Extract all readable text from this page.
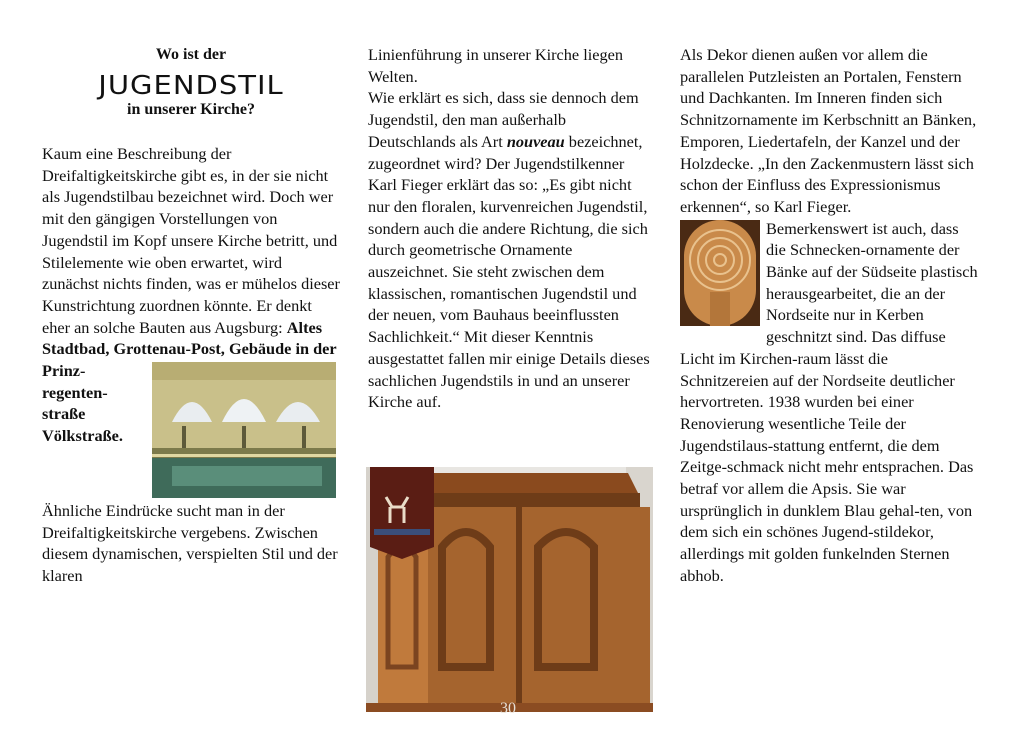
Wo ist der
JUGENDSTIL
in unserer Kirche?

Kaum eine Beschreibung der Dreifaltigkeitskirche gibt es, in der sie nicht als Jugendstilbau bezeichnet wird. Doch wer mit den gängigen Vorstellungen von Jugendstil im Kopf unsere Kirche betritt, und Stilelemente wie oben erwartet, wird zunächst nichts finden, was er mühelos dieser Kunstrichtung zuordnen könnte. Er denkt eher an solche Bauten aus Augsburg: Altes Stadtbad, Grottenau-Post, Gebäude in der

Prinz-
regenten-
straße
Völkstraße.

Ähnliche Eindrücke sucht man in der Dreifaltigkeitskirche vergebens. Zwischen diesem dynamischen, verspielten Stil und der klaren

Linienführung in unserer Kirche liegen Welten.

Wie erklärt es sich, dass sie dennoch dem Jugendstil, den man außerhalb Deutschlands als Art nouveau bezeichnet, zugeordnet wird? Der Jugendstilkenner Karl Fieger erklärt das so: „Es gibt nicht nur den floralen, kurvenreichen Jugendstil, sondern auch die andere Richtung, die sich durch geometrische Ornamente auszeichnet. Sie steht zwischen dem klassischen, romantischen Jugendstil und der neuen, vom Bauhaus beeinflussten Sachlichkeit.“ Mit dieser Kenntnis ausgestattet fallen mir einige Details dieses sachlichen Jugendstils in und an unserer Kirche auf.

30

Als Dekor dienen außen vor allem die parallelen Putzleisten an Portalen, Fenstern und Dachkanten. Im Inneren finden sich Schnitzornamente im Kerbschnitt an Bänken, Emporen, Liedertafeln, der Kanzel und der Holzdecke. „In den Zackenmustern lässt sich schon der Einfluss des Expressionismus erkennen“, so Karl Fieger.

Bemerkenswert ist auch, dass die Schnecken-ornamente der Bänke auf der Südseite plastisch herausgearbeitet, die an der Nordseite nur in Kerben geschnitzt sind. Das diffuse Licht im Kirchen-raum lässt die Schnitzereien auf der Nordseite deutlicher hervortreten. 1938 wurden bei einer Renovierung wesentliche Teile der Jugendstilaus-stattung entfernt, die dem Zeitge-schmack nicht mehr entsprachen. Das betraf vor allem die Apsis. Sie war ursprünglich in dunklem Blau gehal-ten, von dem sich ein schönes Jugend-stildekor, allerdings mit golden funkelnden Sternen abhob.
